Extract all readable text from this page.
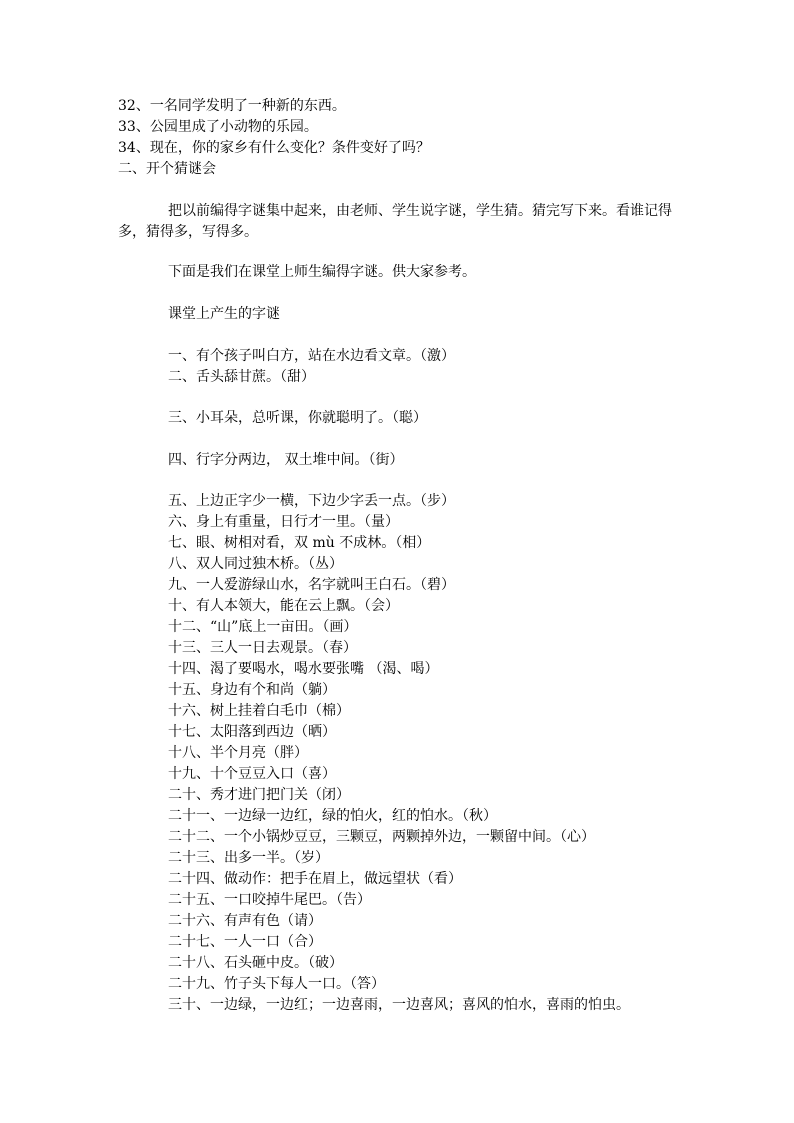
32、一名同学发明了一种新的东西。
33、公园里成了小动物的乐园。
34、现在，你的家乡有什么变化？条件变好了吗？
二、开个猜谜会
把以前编得字谜集中起来，由老师、学生说字谜，学生猜。猜完写下来。看谁记得多，猜得多，写得多。
下面是我们在课堂上师生编得字谜。供大家参考。
课堂上产生的字谜
一、有个孩子叫白方，站在水边看文章。（激）
二、舌头舔甘蔗。（甜）
三、小耳朵，总听课，你就聪明了。（聪）
四、行字分两边， 双土堆中间。（街）
五、上边正字少一横，下边少字丢一点。（步）
六、身上有重量，日行才一里。（量）
七、眼、树相对看，双 mù 不成林。（相）
八、双人同过独木桥。（丛）
九、一人爱游绿山水，名字就叫王白石。（碧）
十、有人本领大，能在云上飘。（会）
十二、“山”底上一亩田。（画）
十三、三人一日去观景。（春）
十四、渴了要喝水，喝水要张嘴 （渴、喝）
十五、身边有个和尚（躺）
十六、树上挂着白毛巾（棉）
十七、太阳落到西边（晒）
十八、半个月亮（胖）
十九、十个豆豆入口（喜）
二十、秀才进门把门关（闭）
二十一、一边绿一边红，绿的怕火，红的怕水。（秋）
二十二、一个小锅炒豆豆，三颗豆，两颗掉外边，一颗留中间。（心）
二十三、出多一半。（岁）
二十四、做动作：把手在眉上，做远望状（看）
二十五、一口咬掉牛尾巴。（告）
二十六、有声有色（请）
二十七、一人一口（合）
二十八、石头砸中皮。（破）
二十九、竹子头下每人一口。（答）
三十、一边绿，一边红；一边喜雨，一边喜风；喜风的怕水，喜雨的怕虫。
